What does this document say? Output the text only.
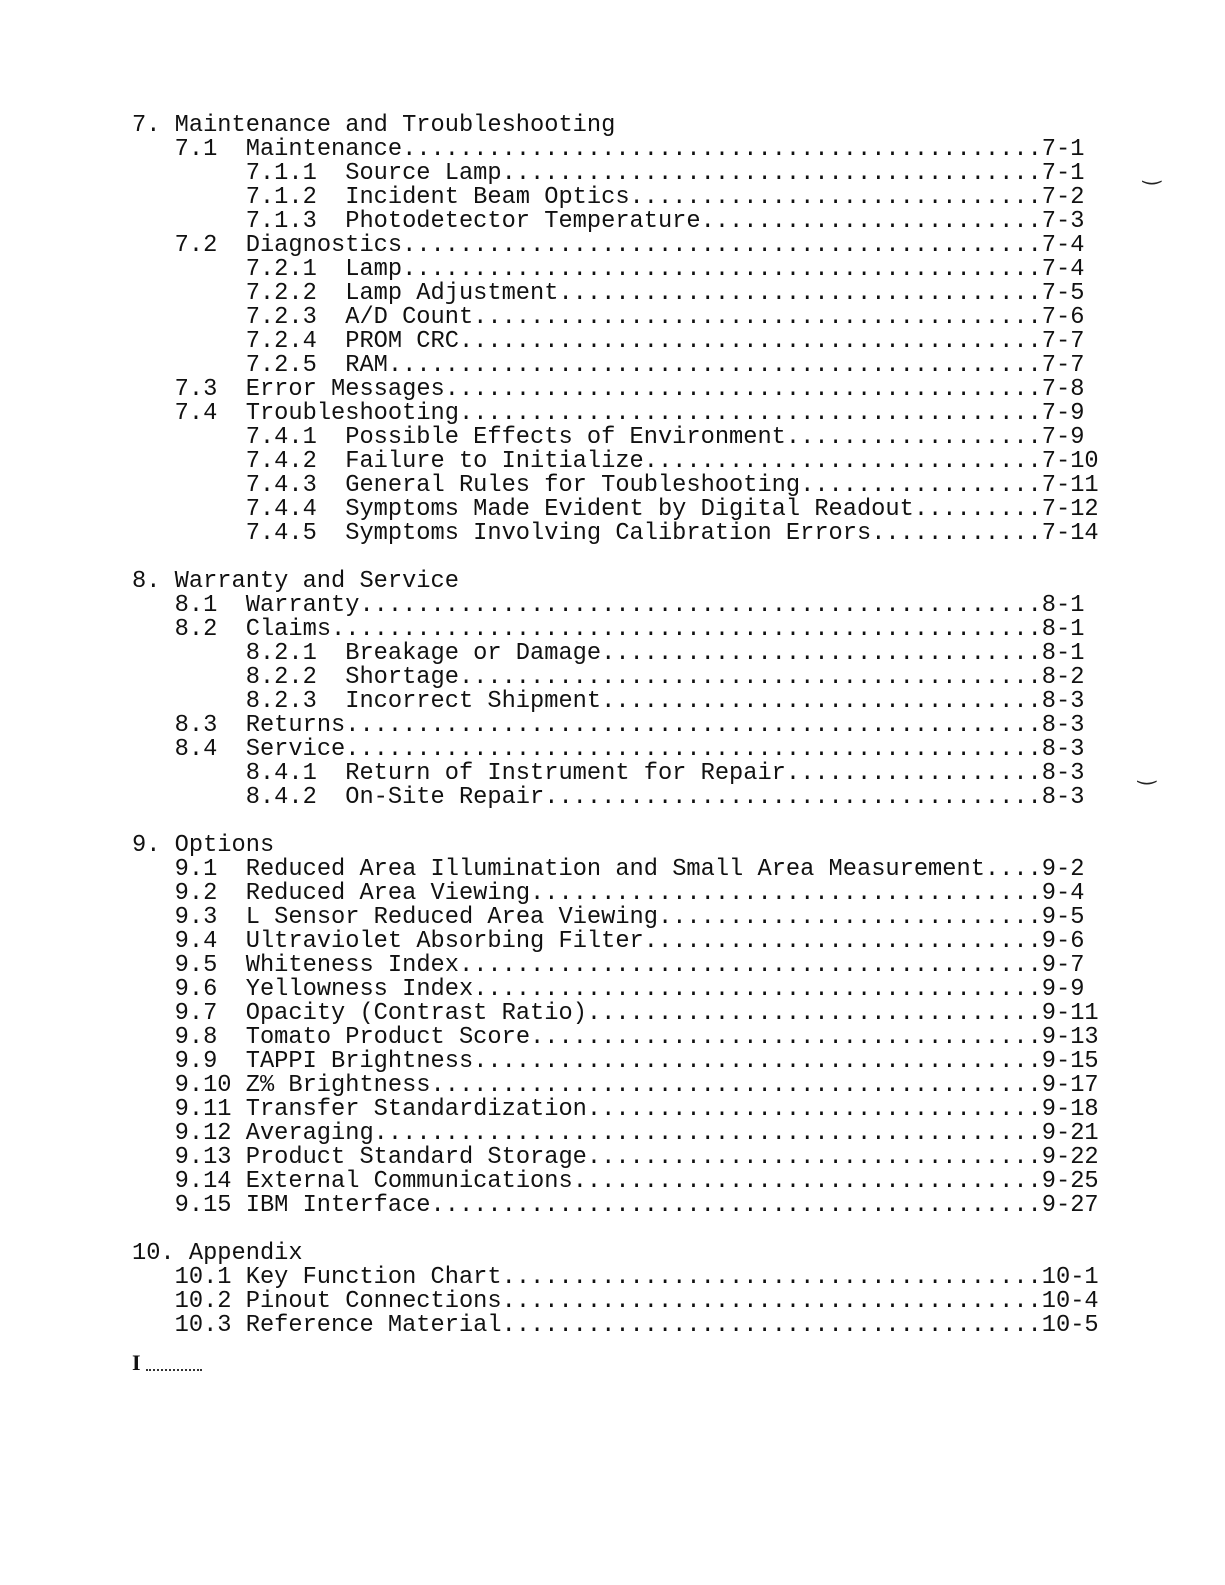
7. Maintenance and Troubleshooting
7.1 Maintenance.............................................7-1
7.1.1 Source Lamp......................................7-1
7.1.2 Incident Beam Optics.............................7-2
7.1.3 Photodetector Temperature........................7-3
7.2 Diagnostics.............................................7-4
7.2.1 Lamp.............................................7-4
7.2.2 Lamp Adjustment..................................7-5
7.2.3 A/D Count........................................7-6
7.2.4 PROM CRC.........................................7-7
7.2.5 RAM..............................................7-7
7.3 Error Messages..........................................7-8
7.4 Troubleshooting.........................................7-9
7.4.1 Possible Effects of Environment..................7-9
7.4.2 Failure to Initialize............................7-10
7.4.3 General Rules for Toubleshooting.................7-11
7.4.4 Symptoms Made Evident by Digital Readout.........7-12
7.4.5 Symptoms Involving Calibration Errors............7-14
8. Warranty and Service
8.1 Warranty................................................8-1
8.2 Claims..................................................8-1
8.2.1 Breakage or Damage...............................8-1
8.2.2 Shortage.........................................8-2
8.2.3 Incorrect Shipment...............................8-3
8.3 Returns.................................................8-3
8.4 Service.................................................8-3
8.4.1 Return of Instrument for Repair..................8-3
8.4.2 On-Site Repair...................................8-3
9. Options
9.1 Reduced Area Illumination and Small Area Measurement....9-2
9.2 Reduced Area Viewing....................................9-4
9.3 L Sensor Reduced Area Viewing...........................9-5
9.4 Ultraviolet Absorbing Filter............................9-6
9.5 Whiteness Index.........................................9-7
9.6 Yellowness Index........................................9-9
9.7 Opacity (Contrast Ratio)................................9-11
9.8 Tomato Product Score....................................9-13
9.9 TAPPI Brightness........................................9-15
9.10 Z% Brightness...........................................9-17
9.11 Transfer Standardization................................9-18
9.12 Averaging...............................................9-21
9.13 Product Standard Storage................................9-22
9.14 External Communications.................................9-25
9.15 IBM Interface...........................................9-27
10. Appendix
10.1 Key Function Chart......................................10-1
10.2 Pinout Connections......................................10-4
10.3 Reference Material......................................10-5
‿
‿
I
